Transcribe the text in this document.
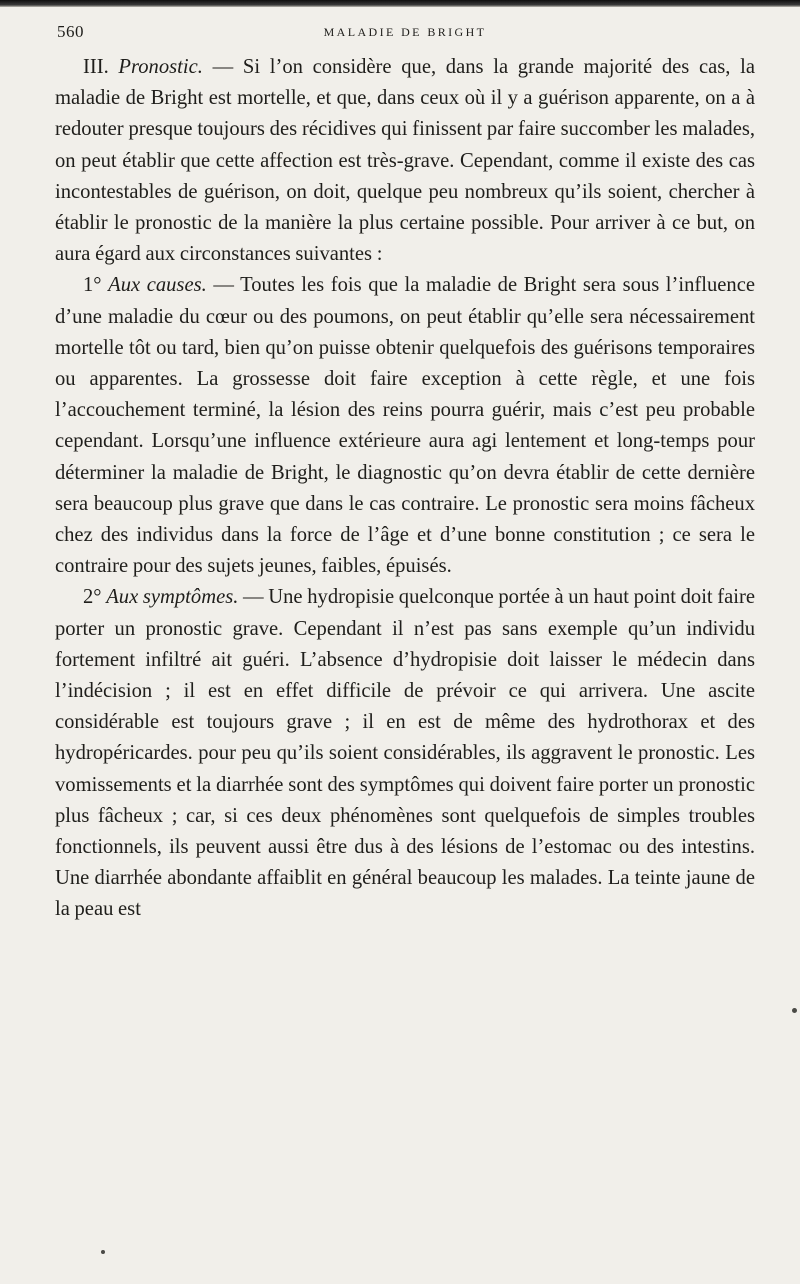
560	MALADIE DE BRIGHT

III. Pronostic. — Si l’on considère que, dans la grande majorité des cas, la maladie de Bright est mortelle, et que, dans ceux où il y a guérison apparente, on a à redouter presque toujours des récidives qui finissent par faire succomber les malades, on peut établir que cette affection est très-grave. Cependant, comme il existe des cas incontestables de guérison, on doit, quelque peu nombreux qu’ils soient, chercher à établir le pronostic de la manière la plus certaine possible. Pour arriver à ce but, on aura égard aux circonstances suivantes :

1° Aux causes. — Toutes les fois que la maladie de Bright sera sous l’influence d’une maladie du cœur ou des poumons, on peut établir qu’elle sera nécessairement mortelle tôt ou tard, bien qu’on puisse obtenir quelquefois des guérisons temporaires ou apparentes. La grossesse doit faire exception à cette règle, et une fois l’accouchement terminé, la lésion des reins pourra guérir, mais c’est peu probable cependant. Lorsqu’une influence extérieure aura agi lentement et long-temps pour déterminer la maladie de Bright, le diagnostic qu’on devra établir de cette dernière sera beaucoup plus grave que dans le cas contraire. Le pronostic sera moins fâcheux chez des individus dans la force de l’âge et d’une bonne constitution ; ce sera le contraire pour des sujets jeunes, faibles, épuisés.

2° Aux symptômes. — Une hydropisie quelconque portée à un haut point doit faire porter un pronostic grave. Cependant il n’est pas sans exemple qu’un individu fortement infiltré ait guéri. L’absence d’hydropisie doit laisser le médecin dans l’indécision ; il est en effet difficile de prévoir ce qui arrivera. Une ascite considérable est toujours grave ; il en est de même des hydrothorax et des hydropéricardes. pour peu qu’ils soient considérables, ils aggravent le pronostic. Les vomissements et la diarrhée sont des symptômes qui doivent faire porter un pronostic plus fâcheux ; car, si ces deux phénomènes sont quelquefois de simples troubles fonctionnels, ils peuvent aussi être dus à des lésions de l’estomac ou des intestins. Une diarrhée abondante affaiblit en général beaucoup les malades. La teinte jaune de la peau est
